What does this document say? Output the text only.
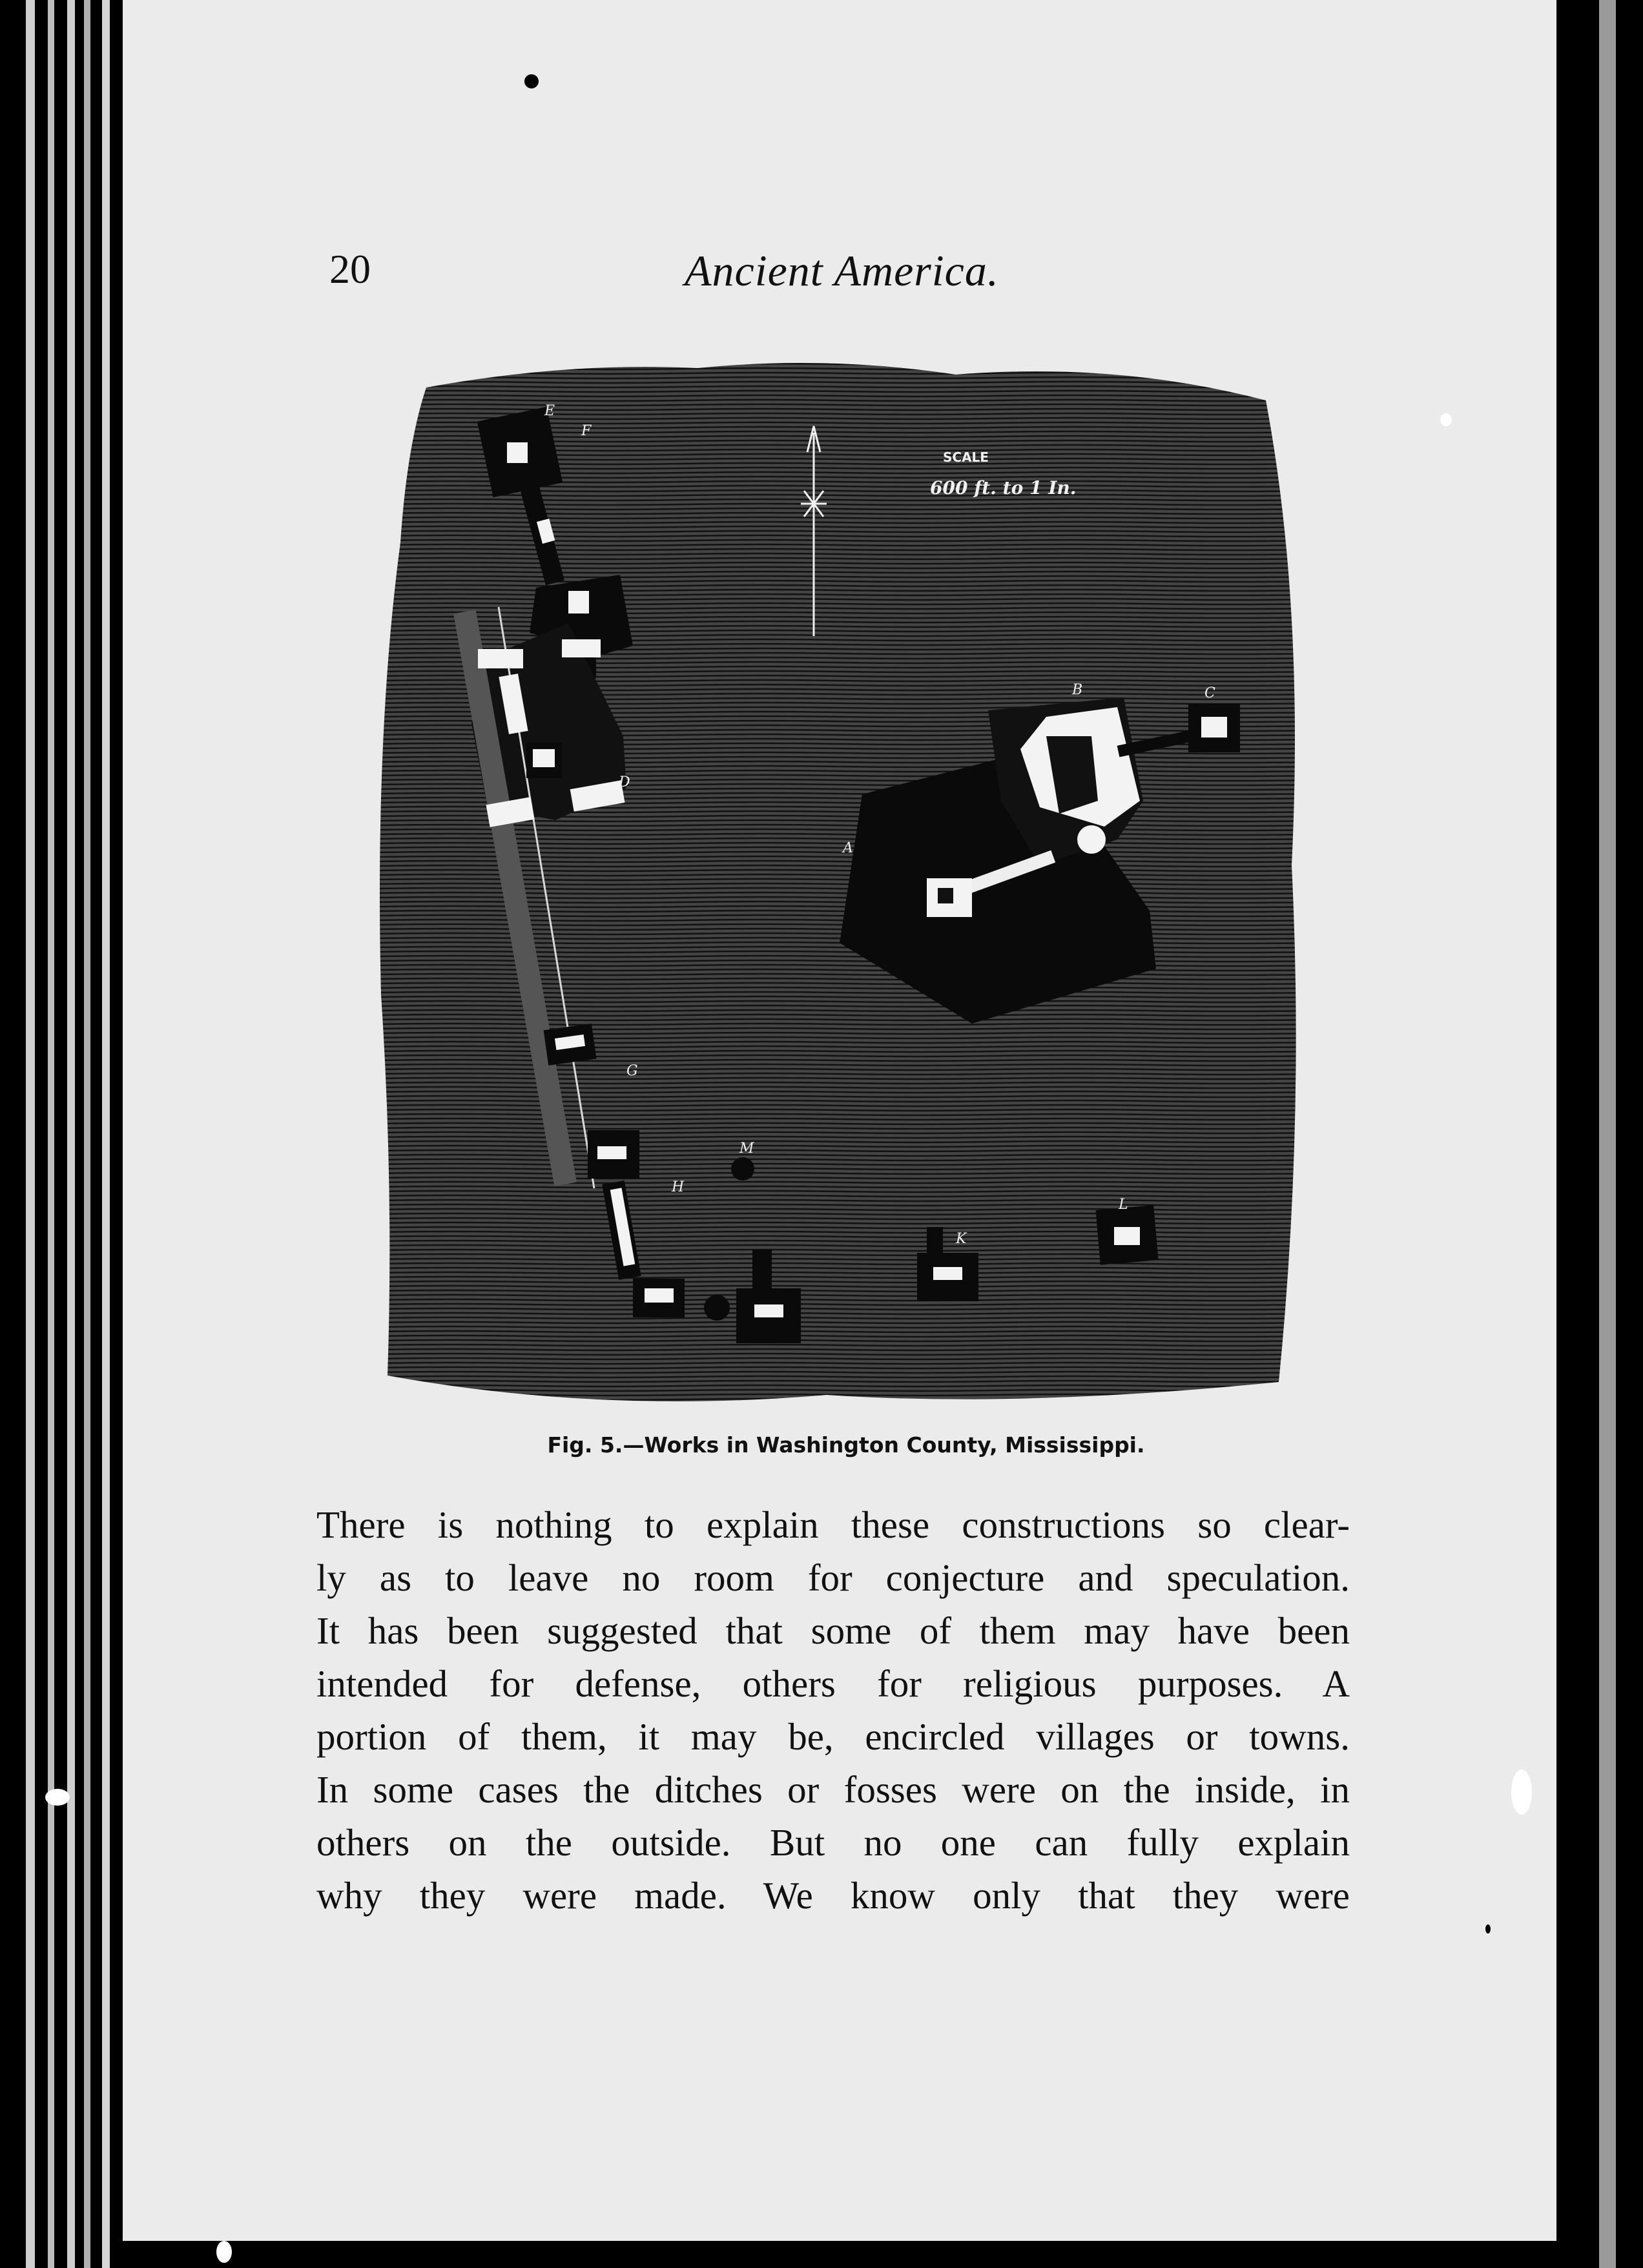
20	Ancient America.
SCALE
600 ft. to 1 In.
A
B	C
D
E
F
G
H
K
L
M
Fig. 5.—Works in Washington County, Mississippi.
There is nothing to explain these constructions so clear-
ly as to leave no room for conjecture and speculation.
It has been suggested that some of them may have been
intended for defense, others for religious purposes. A
portion of them, it may be, encircled villages or towns.
In some cases the ditches or fosses were on the inside, in
others on the outside. But no one can fully explain
why they were made. We know only that they were
